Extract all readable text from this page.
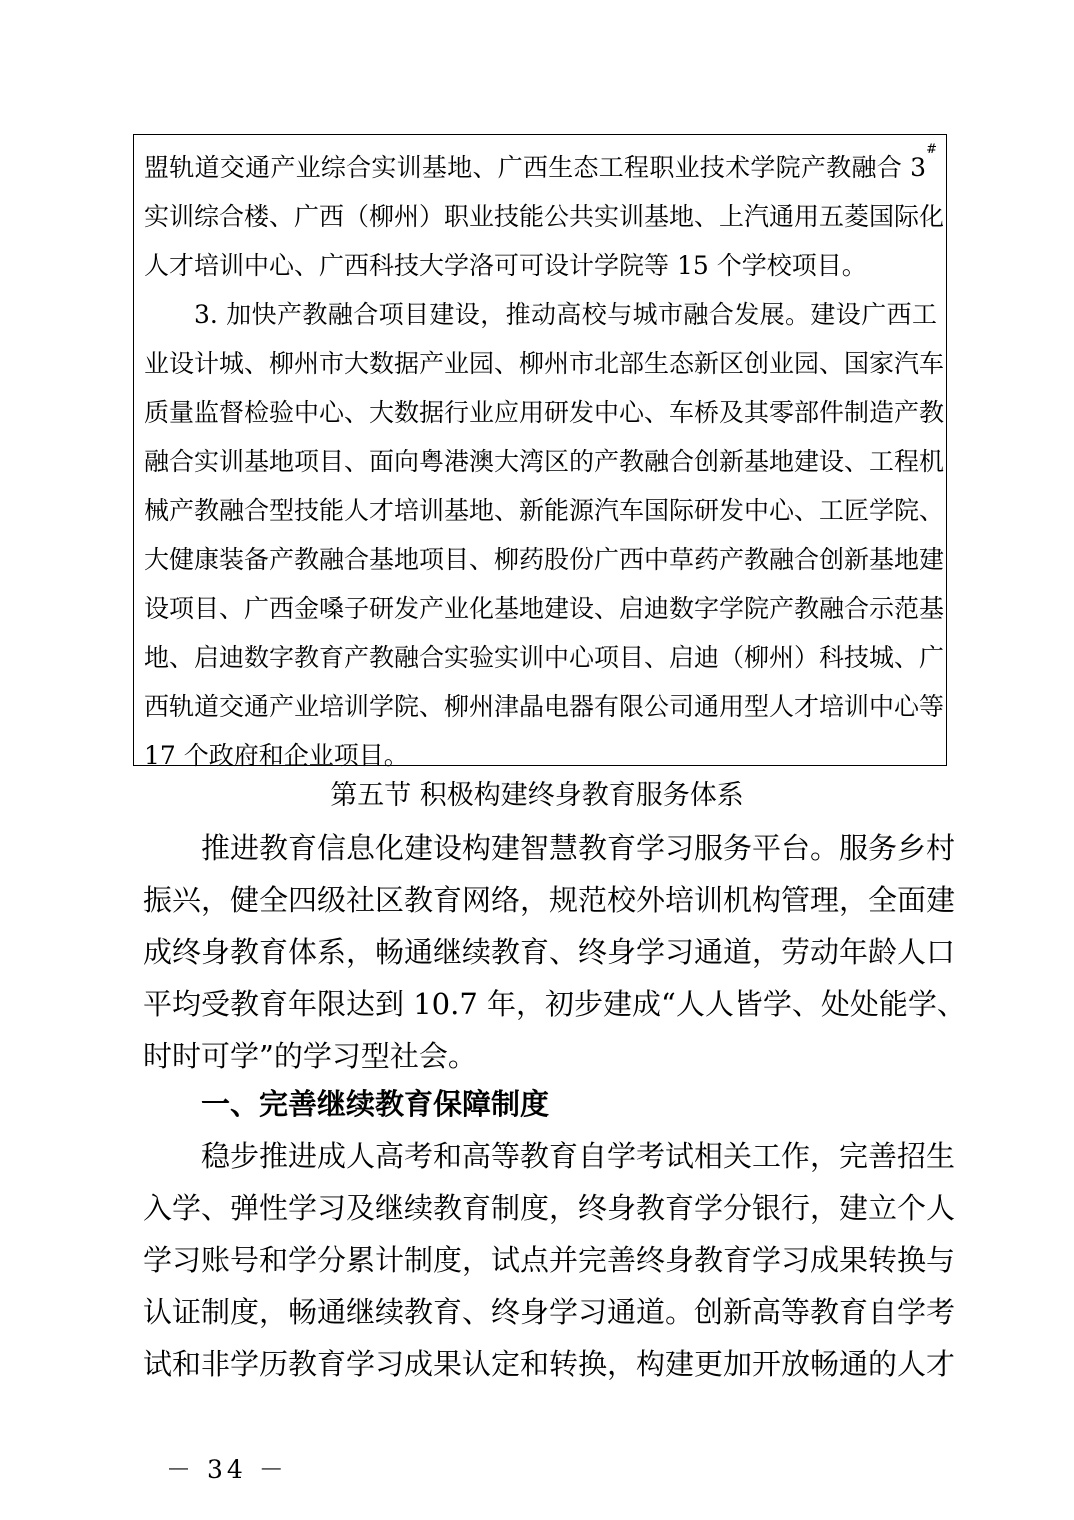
盟轨道交通产业综合实训基地、广西生态工程职业技术学院产教融合 3#
实训综合楼、广西（柳州）职业技能公共实训基地、上汽通用五菱国际化
人才培训中心、广西科技大学洛可可设计学院等 15 个学校项目。
3. 加快产教融合项目建设，推动高校与城市融合发展。建设广西工
业设计城、柳州市大数据产业园、柳州市北部生态新区创业园、国家汽车
质量监督检验中心、大数据行业应用研发中心、车桥及其零部件制造产教
融合实训基地项目、面向粤港澳大湾区的产教融合创新基地建设、工程机
械产教融合型技能人才培训基地、新能源汽车国际研发中心、工匠学院、
大健康装备产教融合基地项目、柳药股份广西中草药产教融合创新基地建
设项目、广西金嗓子研发产业化基地建设、启迪数字学院产教融合示范基
地、启迪数字教育产教融合实验实训中心项目、启迪（柳州）科技城、广
西轨道交通产业培训学院、柳州津晶电器有限公司通用型人才培训中心等
17 个政府和企业项目。
第五节 积极构建终身教育服务体系
推进教育信息化建设构建智慧教育学习服务平台。服务乡村
振兴，健全四级社区教育网络，规范校外培训机构管理，全面建
成终身教育体系，畅通继续教育、终身学习通道，劳动年龄人口
平均受教育年限达到 10.7 年，初步建成“人人皆学、处处能学、
时时可学”的学习型社会。
一、完善继续教育保障制度
稳步推进成人高考和高等教育自学考试相关工作，完善招生
入学、弹性学习及继续教育制度，终身教育学分银行，建立个人
学习账号和学分累计制度，试点并完善终身教育学习成果转换与
认证制度，畅通继续教育、终身学习通道。创新高等教育自学考
试和非学历教育学习成果认定和转换，构建更加开放畅通的人才
－ 34 －
